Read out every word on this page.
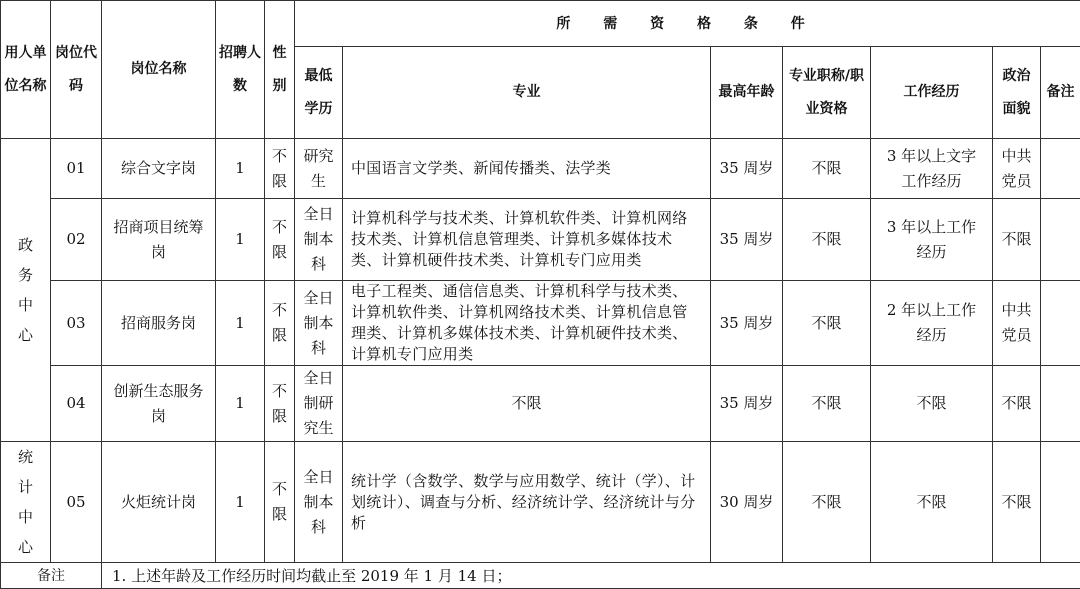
用人单位名称	岗位代码	岗位名称	招聘人数	性别	所 需 资 格 条 件						
					最低学历	专业	最高年龄	专业职称/职业资格	工作经历	政治面貌	备注
政务中心	01	综合文字岗	1	不限	研究生	中国语言文学类、新闻传播类、法学类	35 周岁	不限	3 年以上文字工作经历	中共党员	
	02	招商项目统筹岗	1	不限	全日制本科	计算机科学与技术类、计算机软件类、计算机网络技术类、计算机信息管理类、计算机多媒体技术类、计算机硬件技术类、计算机专门应用类	35 周岁	不限	3 年以上工作经历	不限	
	03	招商服务岗	1	不限	全日制本科	电子工程类、通信信息类、计算机科学与技术类、计算机软件类、计算机网络技术类、计算机信息管理类、计算机多媒体技术类、计算机硬件技术类、计算机专门应用类	35 周岁	不限	2 年以上工作经历	中共党员	
	04	创新生态服务岗	1	不限	全日制研究生	不限	35 周岁	不限	不限	不限	
统计中心	05	火炬统计岗	1	不限	全日制本科	统计学（含数学、数学与应用数学、统计（学）、计划统计）、调查与分析、经济统计学、经济统计与分析	30 周岁	不限	不限	不限	
备注		1. 上述年龄及工作经历时间均截止至 2019 年 1 月 14 日；									
